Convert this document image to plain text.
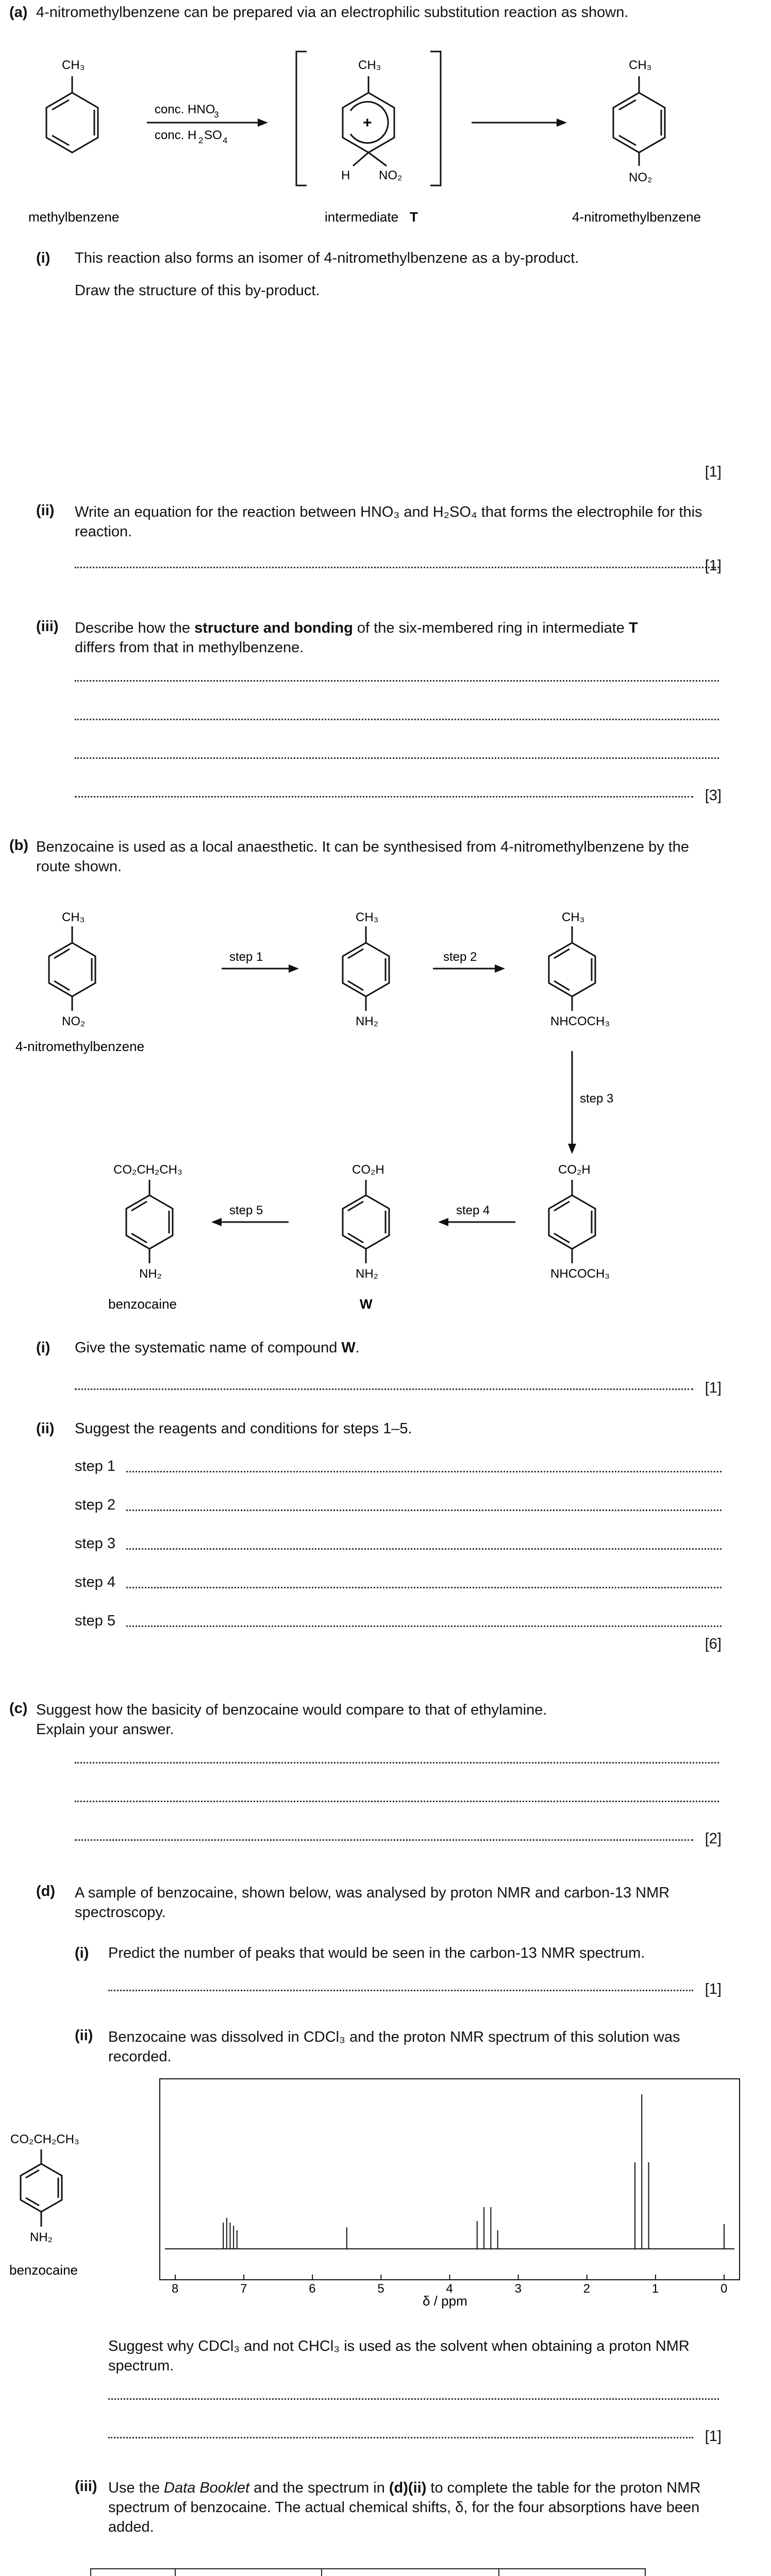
(a) 4-nitromethylbenzene can be prepared via an electrophilic substitution reaction as shown.
CH₃
conc. HNO
3
conc. H 2 SO 4
CH₃
+
H NO₂
CH₃
NO₂
methylbenzene	intermediate T	4-nitromethylbenzene
(i) This reaction also forms an isomer of 4-nitromethylbenzene as a by-product.
Draw the structure of this by-product.
[1]
(ii) Write an equation for the reaction between HNO₃ and H₂SO₄ that forms the electrophile for this reaction.
[1]
(iii) Describe how the structure and bonding of the six-membered ring in intermediate T
differs from that in methylbenzene.
[3]
(b) Benzocaine is used as a local anaesthetic. It can be synthesised from 4-nitromethylbenzene by the route shown.
CH₃
NO₂
CH₃
NH₂
CH₃
NHCOCH₃
CO₂CH₂CH₃
NH₂
CO₂H
NH₂
CO₂H
NHCOCH₃
step 1	step 2
step 3
step 4
step 5
4-nitromethylbenzene
benzocaine	W
(i) Give the systematic name of compound W.
[1]
(ii) Suggest the reagents and conditions for steps 1–5.
step 1
step 2
step 3
step 4
step 5
[6]
(c) Suggest how the basicity of benzocaine would compare to that of ethylamine.
Explain your answer.
[2]
(d) A sample of benzocaine, shown below, was analysed by proton NMR and carbon-13 NMR spectroscopy.
(i) Predict the number of peaks that would be seen in the carbon-13 NMR spectrum.
[1]
(ii) Benzocaine was dissolved in CDCl₃ and the proton NMR spectrum of this solution was recorded.
CO₂CH₂CH₃
NH₂
benzocaine
8	7	6	5	4	3	2	1	0
δ / ppm
Suggest why CDCl₃ and not CHCl₃ is used as the solvent when obtaining a proton NMR spectrum.
[1]
(iii) Use the Data Booklet and the spectrum in (d)(ii) to complete the table for the proton NMR spectrum of benzocaine. The actual chemical shifts, δ, for the four absorptions have been added.
